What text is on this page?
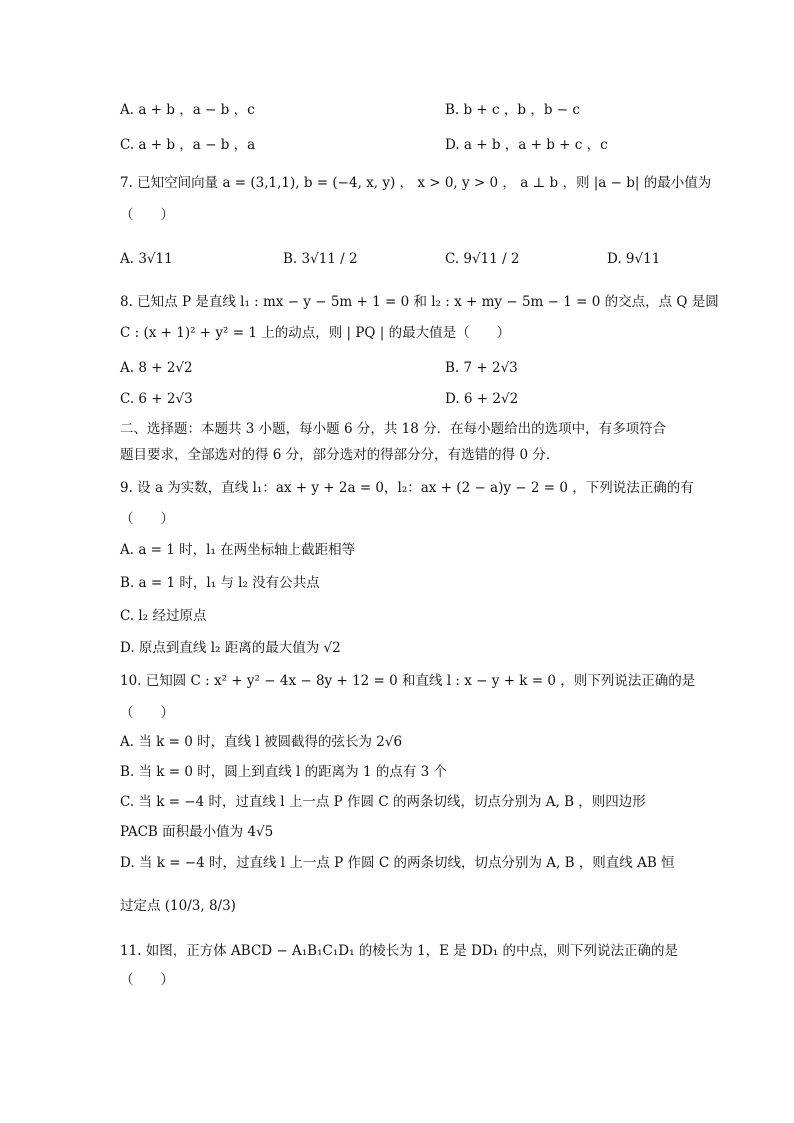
A. a + b ，a − b ，c	B. b + c ，b ，b − c
C. a + b ，a − b ，a	D. a + b ，a + b + c ，c
7. 已知空间向量 a = (3,1,1), b = (−4, x, y) ， x > 0, y > 0 ， a ⊥ b ，则 |a − b| 的最小值为
（　　）
A. 3√11	B. 3√11 / 2	C. 9√11 / 2	D. 9√11
8. 已知点 P 是直线 l₁ : mx − y − 5m + 1 = 0 和 l₂ : x + my − 5m − 1 = 0 的交点，点 Q 是圆
C : (x + 1)² + y² = 1 上的动点，则 | PQ | 的最大值是（　　）
A. 8 + 2√2	B. 7 + 2√3
C. 6 + 2√3	D. 6 + 2√2
二、选择题：本题共 3 小题，每小题 6 分，共 18 分．在每小题给出的选项中，有多项符合
题目要求，全部选对的得 6 分，部分选对的得部分分，有选错的得 0 分．
9. 设 a 为实数，直线 l₁：ax + y + 2a = 0，l₂：ax + (2 − a)y − 2 = 0 ，下列说法正确的有
（　　）
A. a = 1 时，l₁ 在两坐标轴上截距相等
B. a = 1 时，l₁ 与 l₂ 没有公共点
C. l₂ 经过原点
D. 原点到直线 l₂ 距离的最大值为 √2
10. 已知圆 C : x² + y² − 4x − 8y + 12 = 0 和直线 l : x − y + k = 0 ，则下列说法正确的是
（　　）
A. 当 k = 0 时，直线 l 被圆截得的弦长为 2√6
B. 当 k = 0 时，圆上到直线 l 的距离为 1 的点有 3 个
C. 当 k = −4 时，过直线 l 上一点 P 作圆 C 的两条切线，切点分别为 A, B ，则四边形
PACB 面积最小值为 4√5
D. 当 k = −4 时，过直线 l 上一点 P 作圆 C 的两条切线，切点分别为 A, B ，则直线 AB 恒
过定点 (10/3, 8/3)
11. 如图，正方体 ABCD − A₁B₁C₁D₁ 的棱长为 1，E 是 DD₁ 的中点，则下列说法正确的是
（　　）
